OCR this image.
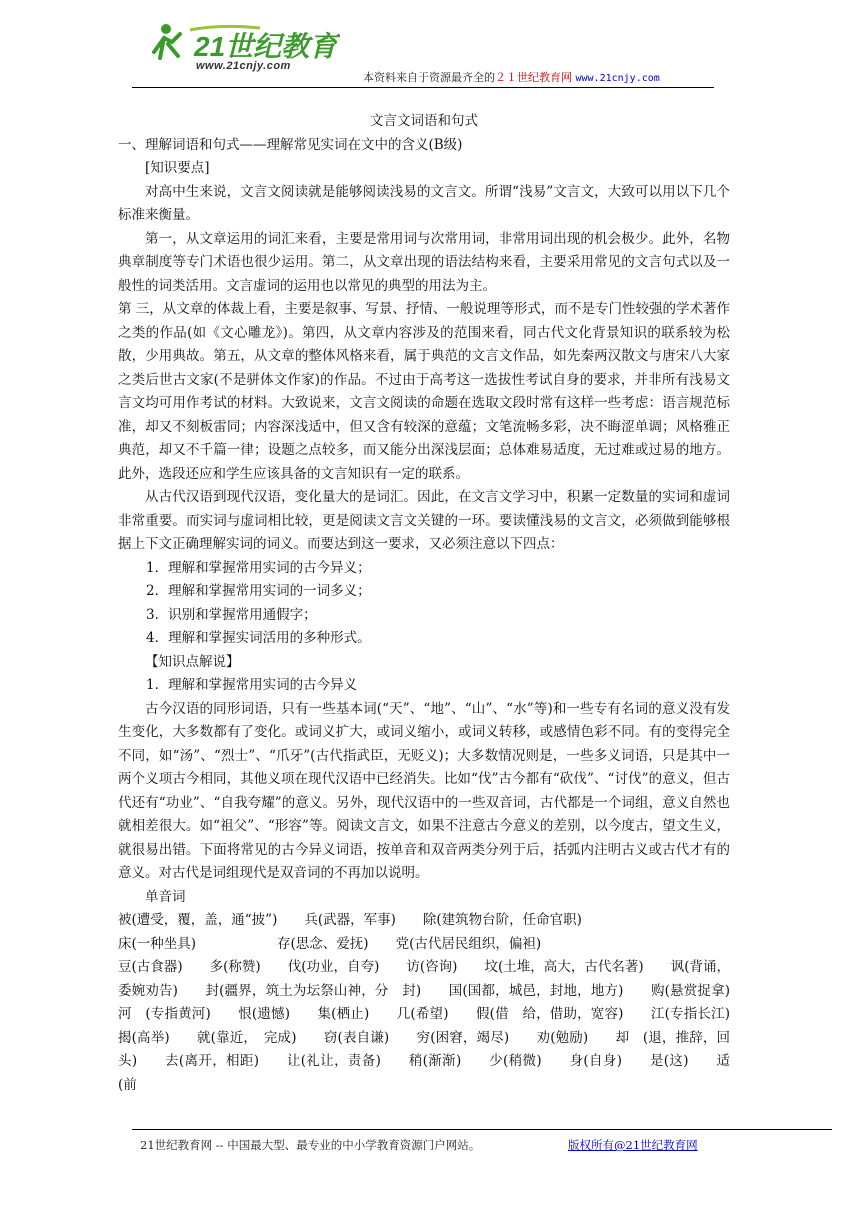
21世纪教育
www.21cnjy.com
本资料来自于资源最齐全的２１世纪教育网 www.21cnjy.com

文言文词语和句式

一、理解词语和句式——理解常见实词在文中的含义(B级)

[知识要点]

对高中生来说，文言文阅读就是能够阅读浅易的文言文。所谓“浅易”文言文，大致可以用以下几个标准来衡量。

第一，从文章运用的词汇来看，主要是常用词与次常用词，非常用词出现的机会极少。此外，名物典章制度等专门术语也很少运用。第二，从文章出现的语法结构来看，主要采用常见的文言句式以及一般性的词类活用。文言虚词的运用也以常见的典型的用法为主。

第 三，从文章的体裁上看，主要是叙事、写景、抒情、一般说理等形式，而不是专门性较强的学术著作之类的作品(如《文心雕龙》)。第四，从文章内容涉及的范围来看，同古代文化背景知识的联系较为松散，少用典故。第五，从文章的整体风格来看，属于典范的文言文作品，如先秦两汉散文与唐宋八大家之类后世古文家(不是骈体文作家)的作品。不过由于高考这一选拔性考试自身的要求，并非所有浅易文言文均可用作考试的材料。大致说来，文言文阅读的命题在选取文段时常有这样一些考虑：语言规范标准，却又不刻板雷同；内容深浅适中，但又含有较深的意蕴；文笔流畅多彩，决不晦涩单调；风格雅正典范，却又不千篇一律；设题之点较多，而又能分出深浅层面；总体难易适度，无过难或过易的地方。此外，选段还应和学生应该具备的文言知识有一定的联系。

从古代汉语到现代汉语，变化量大的是词汇。因此，在文言文学习中，积累一定数量的实词和虚词非常重要。而实词与虚词相比较，更是阅读文言文关键的一环。要读懂浅易的文言文，必须做到能够根据上下文正确理解实词的词义。而要达到这一要求，又必须注意以下四点：

1．理解和掌握常用实词的古今异义；

2．理解和掌握常用实词的一词多义；

3．识别和掌握常用通假字；

4．理解和掌握实词活用的多种形式。

【知识点解说】

1．理解和掌握常用实词的古今异义

古今汉语的同形词语，只有一些基本词(“天”、“地”、“山”、“水”等)和一些专有名词的意义没有发生变化，大多数都有了变化。或词义扩大，或词义缩小，或词义转移，或感情色彩不同。有的变得完全不同，如“汤”、“烈士”、“爪牙”(古代指武臣，无贬义)；大多数情况则是，一些多义词语，只是其中一两个义项古今相同，其他义项在现代汉语中已经消失。比如“伐”古今都有“砍伐”、“讨伐”的意义，但古代还有“功业”、“自我夸耀”的意义。另外，现代汉语中的一些双音词，古代都是一个词组，意义自然也就相差很大。如“祖父”、“形容”等。阅读文言文，如果不注意古今意义的差别，以今度古，望文生义，就很易出错。下面将常见的古今异义词语，按单音和双音两类分列于后，括弧内注明古义或古代才有的意义。对古代是词组现代是双音词的不再加以说明。

单音词

被(遭受，覆，盖，通“披”)　　兵(武器，军事)　　除(建筑物台阶，任命官职)

床(一种坐具)　　　　　　存(思念、爱抚)　　党(古代居民组织，偏袒)

豆(古食器)　　多(称赞)　　伐(功业，自夸)　　访(咨询)　　坟(土堆，高大，古代名著)　　讽(背诵，委婉劝告)　　封(疆界，筑土为坛祭山神，分　封)　　国(国都，城邑，封地，地方)　　购(悬赏捉拿)　　河　(专指黄河)　　恨(遗憾)　　集(栖止)　　几(希望)　　假(借　给，借助，宽容)　　江(专指长江)　　揭(高举)　　就(靠近，　完成)　　窃(表自谦)　　穷(困窘，竭尽)　　劝(勉励)　　却　(退，推辞，回头)　　去(离开，相距)　　让(礼让，责备)　　稍(渐渐)　　少(稍微)　　身(自身)　　是(这)　　适(前

21世纪教育网 -- 中国最大型、最专业的中小学教育资源门户网站。	版权所有@21世纪教育网
